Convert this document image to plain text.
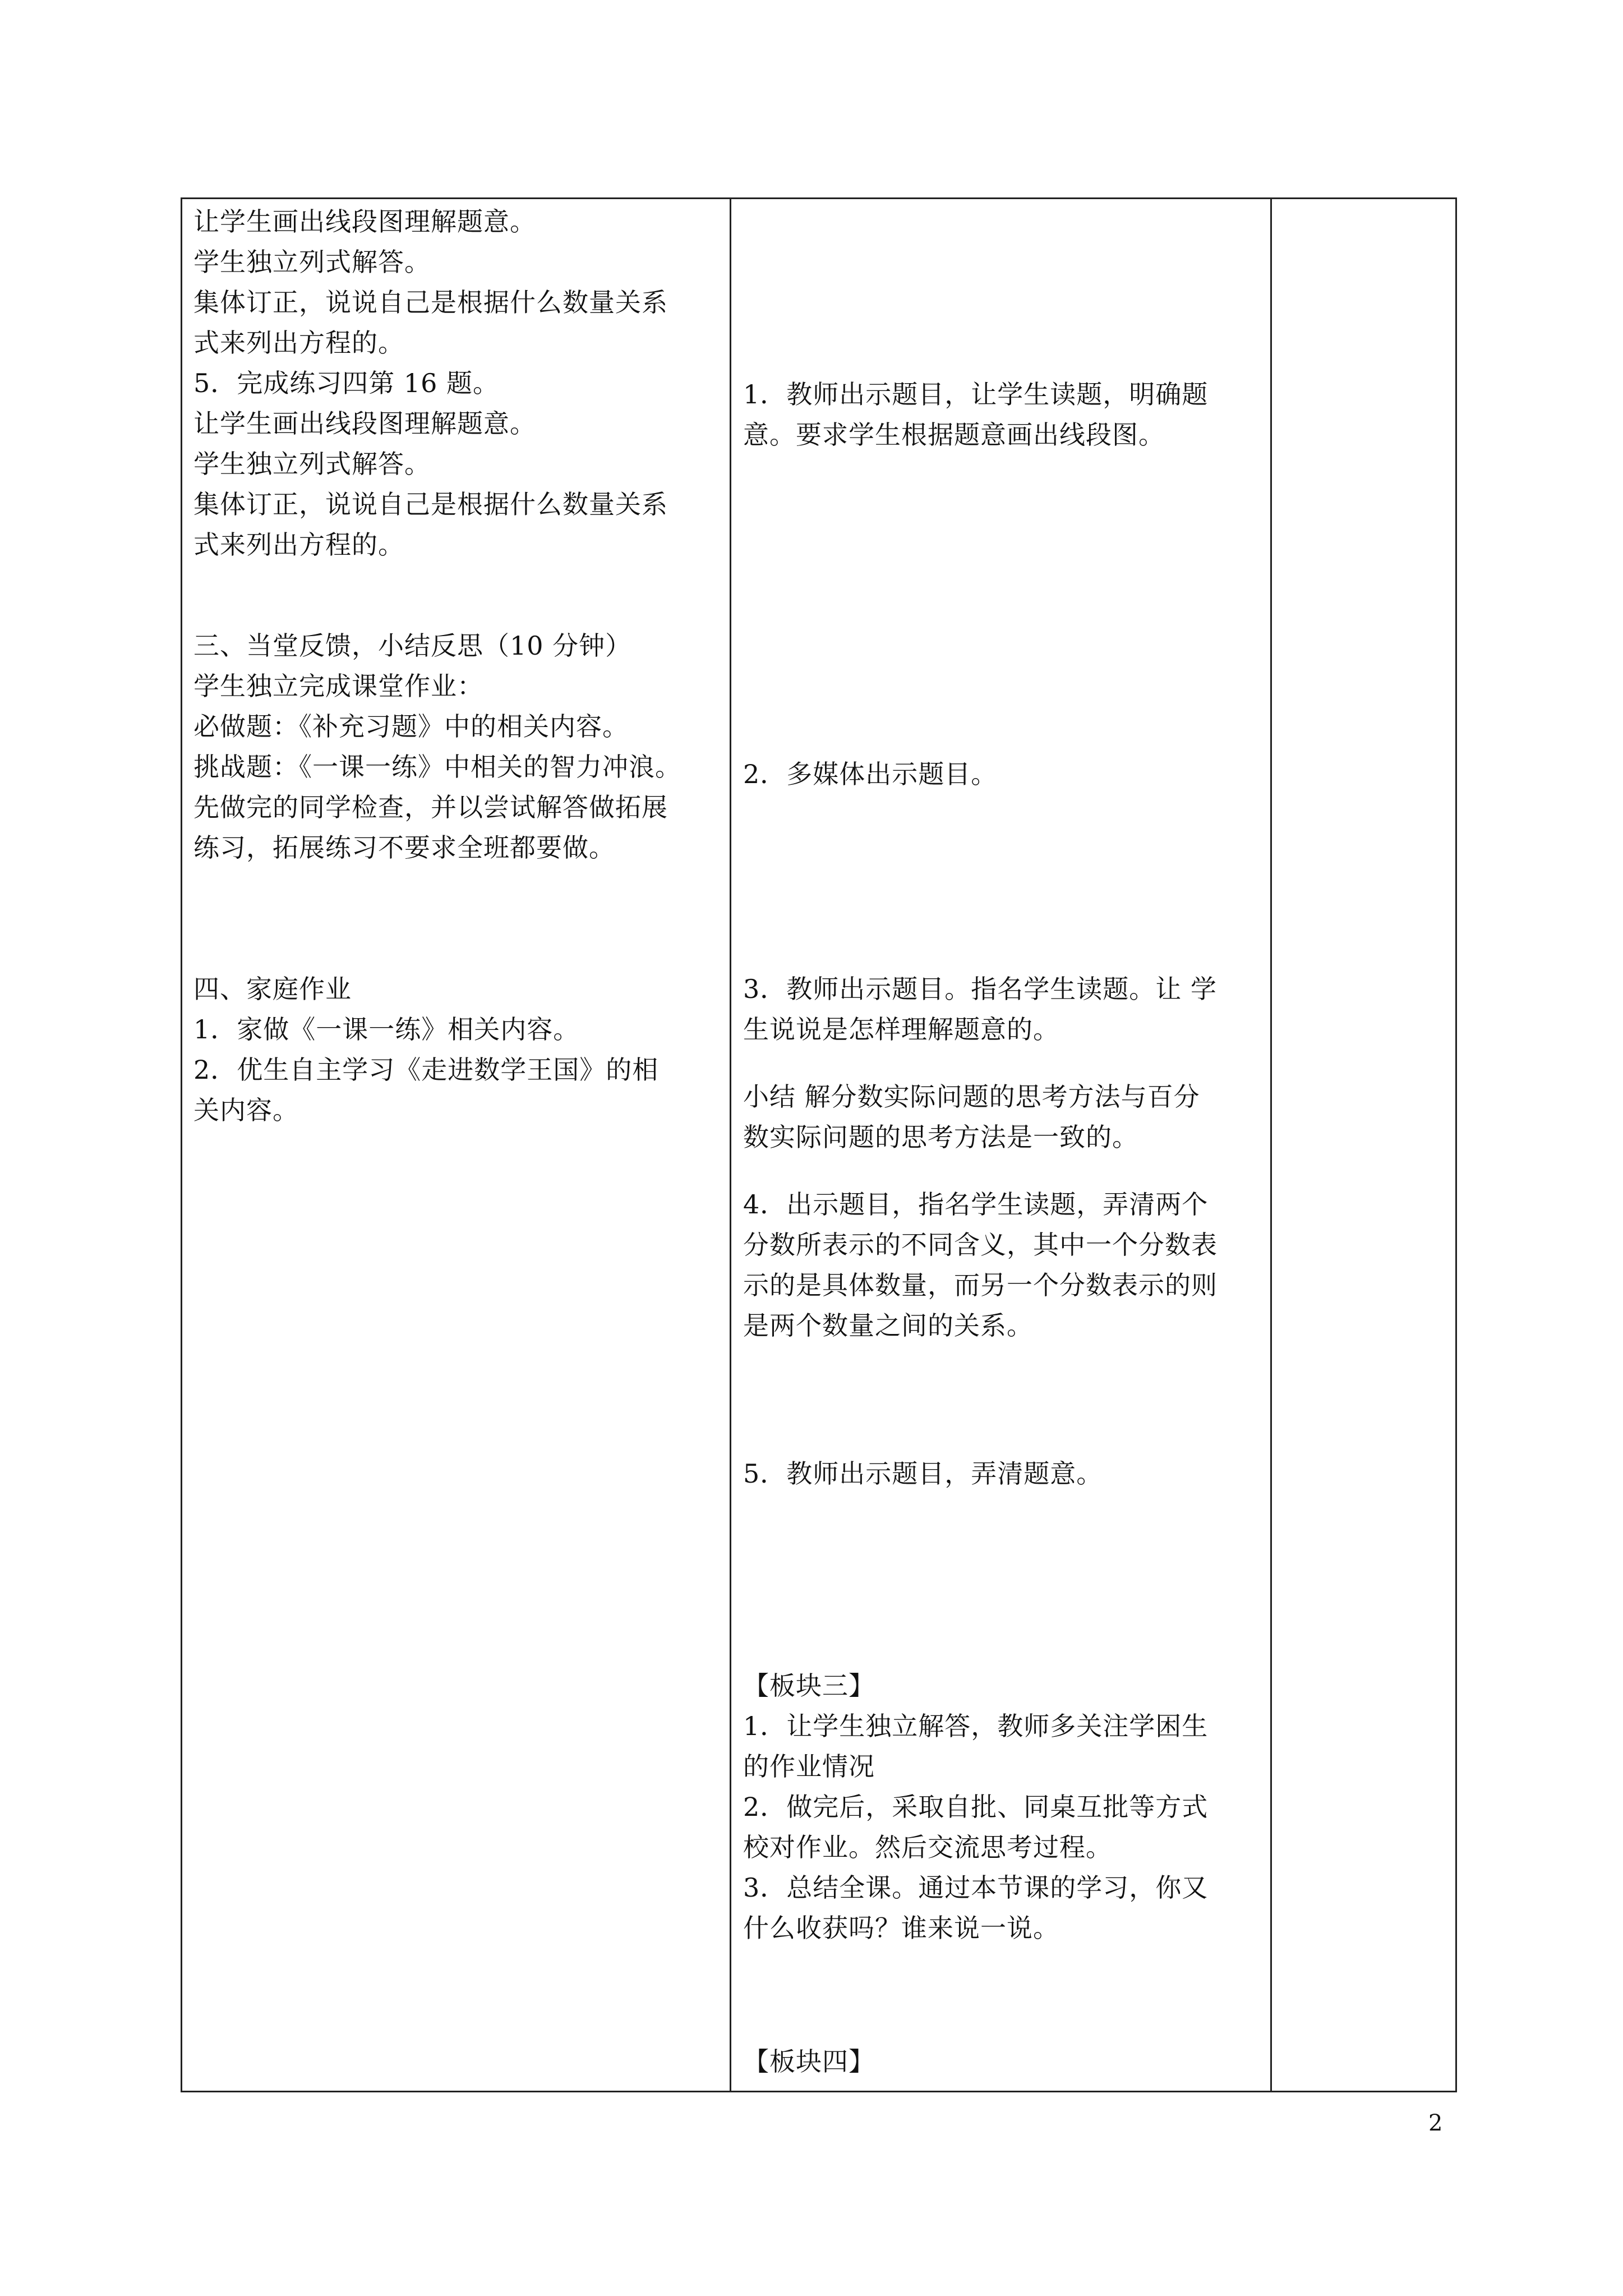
让学生画出线段图理解题意。
学生独立列式解答。
集体订正，说说自己是根据什么数量关系
式来列出方程的。
5．完成练习四第 16 题。
让学生画出线段图理解题意。
学生独立列式解答。
集体订正，说说自己是根据什么数量关系
式来列出方程的。
三、当堂反馈，小结反思（10 分钟）
学生独立完成课堂作业：
必做题：《补充习题》中的相关内容。
挑战题：《一课一练》中相关的智力冲浪。
先做完的同学检查，并以尝试解答做拓展
练习，拓展练习不要求全班都要做。
四、家庭作业
1．家做《一课一练》相关内容。
2．优生自主学习《走进数学王国》的相
关内容。
1．教师出示题目，让学生读题，明确题
意。要求学生根据题意画出线段图。
2．多媒体出示题目。
3．教师出示题目。指名学生读题。让 学
生说说是怎样理解题意的。
小结 解分数实际问题的思考方法与百分
数实际问题的思考方法是一致的。
4．出示题目，指名学生读题，弄清两个
分数所表示的不同含义，其中一个分数表
示的是具体数量，而另一个分数表示的则
是两个数量之间的关系。
5．教师出示题目，弄清题意。
【板块三】
1．让学生独立解答，教师多关注学困生
的作业情况
2．做完后，采取自批、同桌互批等方式
校对作业。然后交流思考过程。
3．总结全课。通过本节课的学习，你又
什么收获吗？谁来说一说。
【板块四】
2
